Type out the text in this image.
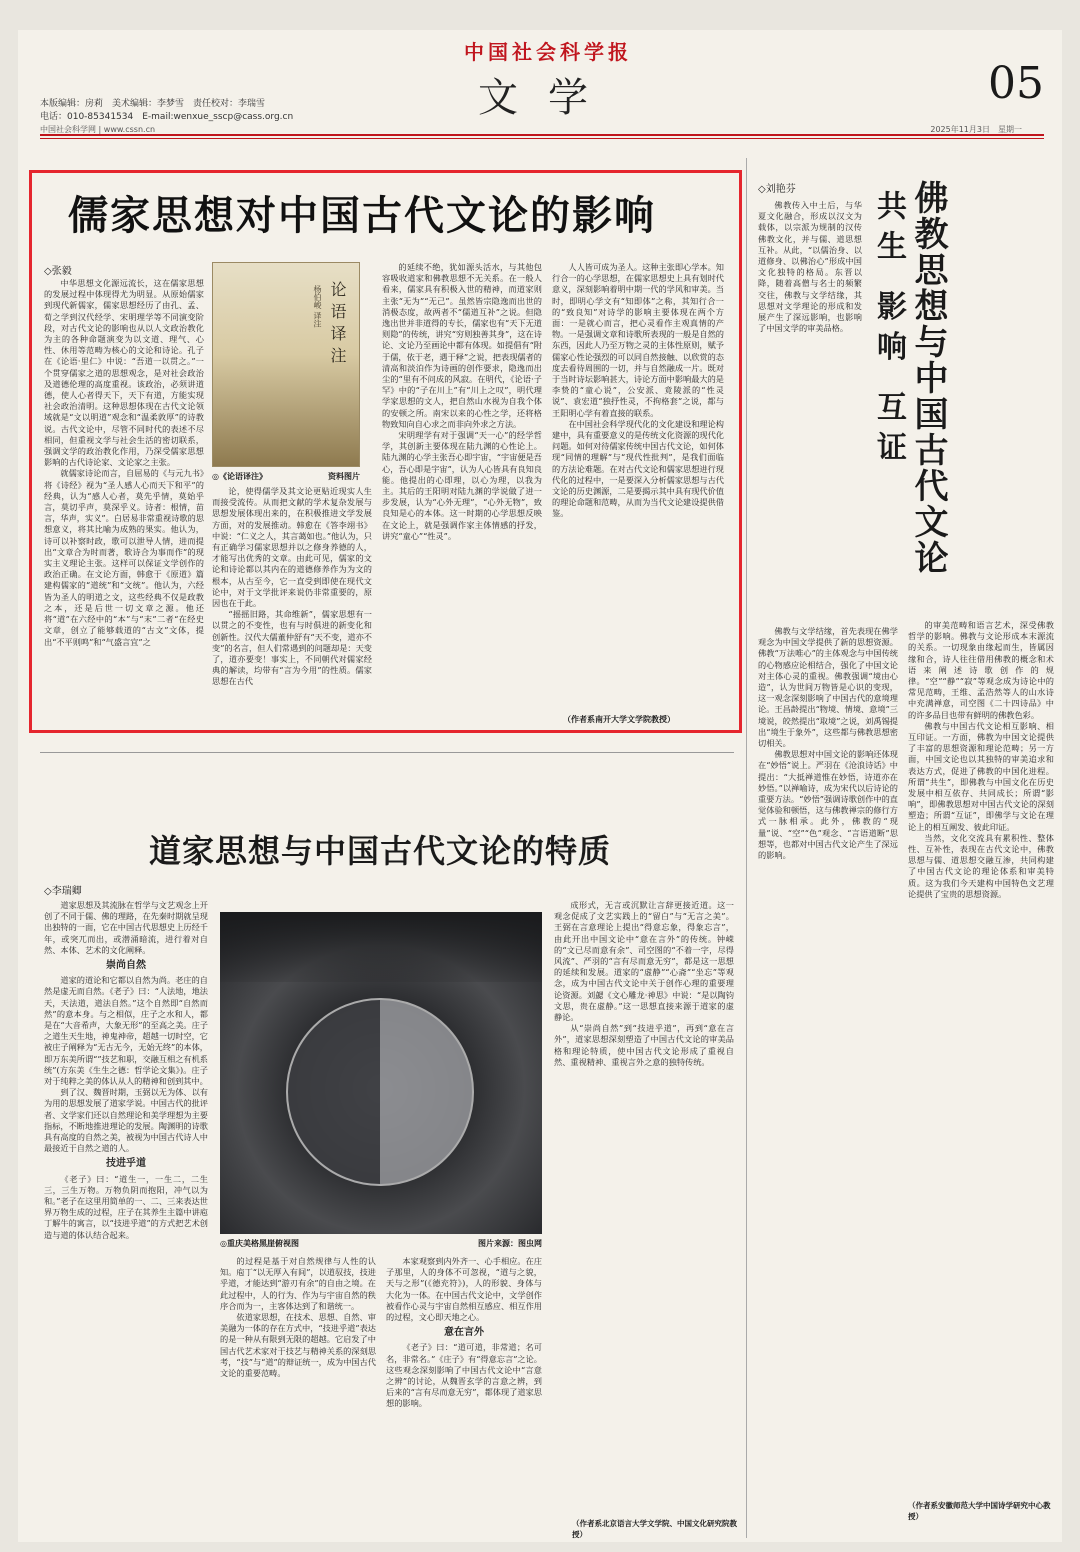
中国社会科学报
文学	05
本版编辑：房莉　美术编辑：李梦雪　责任校对：李瑞雪
电话：010-85341534　E-mail:wenxue_sscp@cass.org.cn
中国社会科学网 | www.cssn.cn	2025年11月3日　星期一
儒家思想对中国古代文论的影响
◇张毅

中华思想文化源远流长，这在儒家思想的发展过程中体现得尤为明显。从原始儒家到现代新儒家，儒家思想经历了由孔、孟、荀之学到汉代经学、宋明理学等不同演变阶段，对古代文论的影响也从以人文政治教化为主的各种命题演变为以文道、理气、心性、休用等范畴为核心的文论和诗论。孔子在《论语·里仁》中说：“吾道一以贯之。”一个贯穿儒家之道的思想观念，是对社会政治及道德伦理的高度重视。该政治，必须讲道德，使人心者得天下，天下有道，方能实现社会政治清明。这种思想体现在古代文论领域就是“文以明道”观念和“温柔敦厚”的诗教说。古代文论中，尽管不同时代的表述不尽相同，但重视文学与社会生活的密切联系，强调文学的政治教化作用，乃深受儒家思想影响的古代诗论家、文论家之主张。

就儒家诗论而言，自屈易的《与元九书》将《诗经》视为“圣人感人心而天下和平”的经典，认为“感人心者，莫先乎情，莫始乎言，莫切乎声，莫深乎义。诗者：根情，苗言，华声，实义”。白居易非常重视诗歌的思想意义，将其比喻为成熟的果实。他认为，诗可以补察时政，歌可以泄导人情，进而提出“文章合为时而著，歌诗合为事而作”的现实主义理论主张。这样可以保证文学创作的政治正确。在文论方面，韩愈于《原道》篇建构儒家的“道统”和“文统”。他认为，六经皆为圣人的明道之文，这些经典不仅是政教之本，还是后世一切文章之源。他还将“道”在六经中的“本”与“末”二者“在经史文章，创立了能够载道的“古文”文体，提出“不平则鸣”和“气盛言宜”之

论语译注
杨伯峻 译注
◎《论语译注》	资料图片

论，使得儒学及其文论更贴近现实人生而接受流传。从而把文献的学术复杂发展与思想发展体现出来的，在积极推进文学发展方面，对的发展推动。韩愈在《答李翊书》中说：“仁义之人，其言蔼如也。”他认为，只有正确学习儒家思想并以之修身养德的人，才能写出优秀的文章。由此可见，儒家的文论和诗论都以其内在的道德修养作为为文的根本，从古至今，它一直受到即使在现代文论中，对于文学批评来说仍非常重要的，原因也在于此。

“摇摇旧路，其命维新”，儒家思想有一以贯之的不变性，也有与时俱进的新变化和创新性。汉代大儒董仲舒有“天不变，道亦不变”的名言，但人们常遇到的问题却是：天变了，道亦要变！事实上，不同朝代对儒家经典的解读，均带有“言为今用”的性质。儒家思想在古代

的延续不绝，犹如源头活水，与其他包容吸收道家和佛教思想不无关系。在一般人看来，儒家具有积极入世的精神，而道家则主张“无为”“无己”。虽然皆宗隐逸而出世的消极态度，故两者不“儒道互补”之说。但隐逸出世并非道得的专长，儒家也有“天下无道则隐”的传统，讲究“穷则独善其身”，这在诗论、文论乃至画论中都有体现。如提倡有“附于儒，依于老，遇于释”之说，把表现儒者的清高和淡泊作为诗画的创作要求，隐逸而出尘的“里有不问成的风寂。在明代，《论语·子罕》中的“子在川上”有“川上之叹”，明代理学家思想的文人，把自然山水视为自我个体的安顿之所。南宋以来的心性之学，还将格物致知向自心求之而非向外求之方法。

宋明理学有对于强调“天一心”的经学哲学，其创新主要体现在陆九渊的心性论上。陆九渊的心学主张吾心即宇宙，“宇宙便是吾心，吾心即是宇宙”，认为人心皆具有良知良能。他提出的心即理，以心为理，以我为主。其后的王阳明对陆九渊的学说做了进一步发展，认为“心外无理”，“心外无物”，致良知是心的本体。这一时期的心学思想反映在文论上，就是强调作家主体情感的抒发，讲究“童心”“性灵”。

人人皆可成为圣人。这种主张即心学本。知行合一的心学思想，在儒家思想史上具有划时代意义，深刻影响着明中期一代的学风和审美。当时，即明心学文有“知即体”之称，其知行合一的“致良知”对诗学的影响主要体现在两个方面：一是就心而言，把心灵看作主观真情的产物。一是强调文章和诗歌所表现的一般是自然的东西，因此人乃至万物之灵的主体性原则，赋予儒家心性论强烈的可以同自然接触、以欣赏的态度去看待周围的一切，并与自然融成一片。既对于当时诗坛影响甚大，诗论方面中影响最大的是李贽的“童心说”，公安派、竟陵派的“性灵说”、袁宏道“独抒性灵，不拘格套”之说，都与王阳明心学有着直接的联系。

在中国社会科学现代化的文化建设和理论构建中，具有重要意义的是传统文化资源的现代化问题。如何对待儒家传统中国古代文论，如何体现“同情的理解”与“现代性批判”，是我们面临的方法论难题。在对古代文论和儒家思想进行现代化的过程中，一是要深入分析儒家思想与古代文论的历史渊源，二是要揭示其中具有现代价值的理论命题和范畴，从而为当代文论建设提供借鉴。

（作者系南开大学文学院教授）
道家思想与中国古代文论的特质
◇李瑞卿

道家思想及其流脉在哲学与文艺观念上开创了不同于儒、佛的理路，在先秦时期就呈现出独特的一面，它在中国古代思想史上历经千年，或突兀而出，或潜涌暗流，进行着对自然、本体、艺术的文化阐释。

崇尚自然

道家的道论和它都以自然为尚。老庄的自然是虚无而自然。《老子》曰：“人法地，地法天，天法道，道法自然。”这个自然即“自然而然”的意本身。与之相似，庄子之水和人，都是在“大音希声，大象无形”的至高之美。庄子之道生天生地，神鬼神帝，超越一切时空，它被庄子阐释为“无古无今，无始无终”的本体，即万东美所谓“”技艺和职，交融互相之有机系统”(方东美《生生之德：哲学论文集》)。庄子对于纯粹之美的体认从人的精神和创到其中。

到了汉、魏晋时期，玉弼以无为体、以有为用的思想发展了道家学说。中国古代的批评者、文学家们还以自然理论和美学理想为主要指标，不断地推进理论的发展。陶渊明的诗歌具有高度的自然之美，被视为中国古代诗人中最接近于自然之道的人。

技进乎道

《老子》曰：“道生一，一生二，二生三，三生万物。万物负阴而抱阳，冲气以为和。”老子在这里用简单的一、二、三来表达世界万物生成的过程，庄子在其养生主篇中讲庖丁解牛的寓言，以“技进乎道”的方式把艺术创造与道的体认结合起来。

◎重庆美格黑崖俯视图	图片来源：图虫网

的过程是基于对自然规律与人性的认知。庖丁“以无厚入有间”，以道驭技，技进乎道，才能达到“游刃有余”的自由之境。在此过程中，人的行为、作为与宇宙自然的秩序合而为一，主客体达到了和谐统一。

依道家思想，在技术、思想、自然、审美融为一体的存在方式中，“技进乎道”表达的是一种从有限到无限的超越。它启发了中国古代艺术家对于技艺与精神关系的深刻思考，“技”与“道”的辩证统一，成为中国古代文论的重要范畴。

本家观察到内外齐一、心手相应。在庄子那里，人的身体不可忽视，“道与之貌，天与之形”(《德充符》)，人的形貌、身体与大化为一体。在中国古代文论中，文学创作被看作心灵与宇宙自然相互感应、相互作用的过程，文心即天地之心。

意在言外

《老子》曰：“道可道，非常道；名可名，非常名。”《庄子》有“得意忘言”之论。这些观念深刻影响了中国古代文论中“言意之辨”的讨论，从魏晋玄学的言意之辨，到后来的“言有尽而意无穷”，都体现了道家思想的影响。

成形式，无言或沉默让言辞更接近道。这一观念促成了文艺实践上的“留白”与“无言之美”。王弼在言意理论上提出“得意忘象，得象忘言”，由此开出中国文论中“意在言外”的传统。钟嵘的“文已尽而意有余”、司空图的“不着一字，尽得风流”、严羽的“言有尽而意无穷”，都是这一思想的延续和发展。道家的“虚静”“心斋”“坐忘”等观念，成为中国古代文论中关于创作心理的重要理论资源。刘勰《文心雕龙·神思》中说：“是以陶钧文思，贵在虚静。”这一思想直接来源于道家的虚静论。

从“崇尚自然”到“技进乎道”，再到“意在言外”，道家思想深刻塑造了中国古代文论的审美品格和理论特质，使中国古代文论形成了重视自然、重视精神、重视言外之意的独特传统。

（作者系北京语言大学文学院、中国文化研究院教授）
◇刘艳芬	佛教思想与中国古代文论
共生 影响 互证

佛教传入中土后，与华夏文化融合，形成以汉文为载体，以宗派为规制的汉传佛教文化，并与儒、道思想互补。从此，“以儒治身、以道修身、以佛治心”形成中国文化独特的格局。东晋以降，随着高僧与名士的频繁交往，佛教与文学结缘，其思想对文学理论的形成和发展产生了深远影响，也影响了中国文学的审美品格。

佛教与文学结缘，首先表现在佛学观念为中国文学提供了新的思想资源。佛教“万法唯心”的主体观念与中国传统的心物感应论相结合，强化了中国文论对主体心灵的重视。佛教强调“境由心造”，认为世间万物皆是心识的变现，这一观念深刻影响了中国古代的意境理论。王昌龄提出“物境、情境、意境”三境说，皎然提出“取境”之说，刘禹锡提出“境生于象外”，这些都与佛教思想密切相关。

佛教思想对中国文论的影响还体现在“妙悟”说上。严羽在《沧浪诗话》中提出：“大抵禅道惟在妙悟，诗道亦在妙悟。”以禅喻诗，成为宋代以后诗论的重要方法。“妙悟”强调诗歌创作中的直觉体验和顿悟，这与佛教禅宗的修行方式一脉相承。此外，佛教的“现量”说、“空”“色”观念、“言语道断”思想等，也都对中国古代文论产生了深远的影响。

的审美范畴和语言艺术，深受佛教哲学的影响。佛教与文论形成本末源流的关系。一切现象由缘起而生，皆属因缘和合，诗人往往借用佛教的概念和术语来阐述诗歌创作的规律。“空”“静”“寂”等观念成为诗论中的常见范畴，王维、孟浩然等人的山水诗中充满禅意，司空图《二十四诗品》中的许多品目也带有鲜明的佛教色彩。

佛教与中国古代文论相互影响、相互印证。一方面，佛教为中国文论提供了丰富的思想资源和理论范畴；另一方面，中国文论也以其独特的审美追求和表达方式，促进了佛教的中国化进程。所谓“共生”，即佛教与中国文化在历史发展中相互依存、共同成长；所谓“影响”，即佛教思想对中国古代文论的深刻塑造；所谓“互证”，即佛学与文论在理论上的相互阐发、彼此印证。

当然，文化交流具有累积性、整体性、互补性，表现在古代文论中，佛教思想与儒、道思想交融互渗，共同构建了中国古代文论的理论体系和审美特质。这为我们今天建构中国特色文艺理论提供了宝贵的思想资源。

（作者系安徽师范大学中国诗学研究中心教授）
